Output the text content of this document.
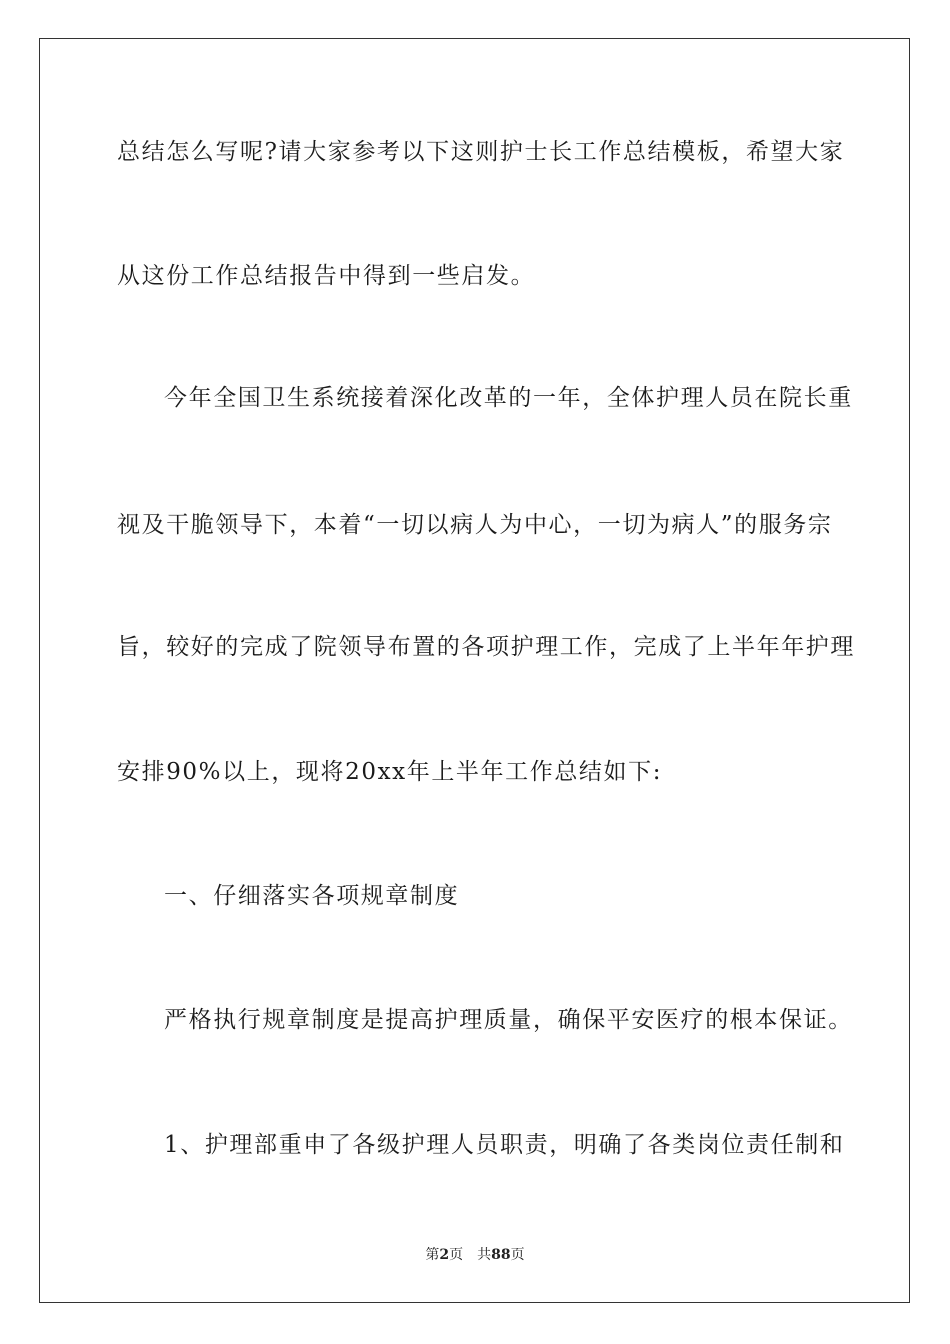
总结怎么写呢?请大家参考以下这则护士长工作总结模板，希望大家
从这份工作总结报告中得到一些启发。
今年全国卫生系统接着深化改革的一年，全体护理人员在院长重
视及干脆领导下，本着“一切以病人为中心，一切为病人”的服务宗
旨，较好的完成了院领导布置的各项护理工作，完成了上半年年护理
安排90%以上，现将20xx年上半年工作总结如下:
一、仔细落实各项规章制度
严格执行规章制度是提高护理质量，确保平安医疗的根本保证。
1、护理部重申了各级护理人员职责，明确了各类岗位责任制和
第2页 共88页
